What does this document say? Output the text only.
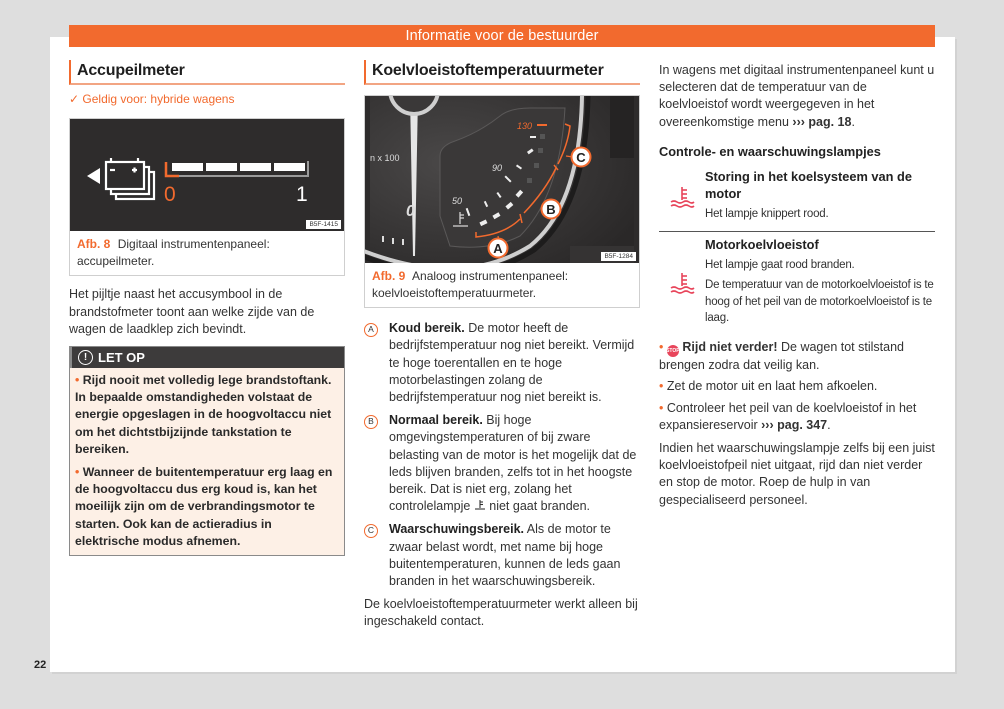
Informatie voor de bestuurder
Accupeilmeter
✓ Geldig voor: hybride wagens
0	1
B5F-1415
Afb. 8 Digitaal instrumentenpaneel: accupeilmeter.

Het pijltje naast het accusymbool in de brandstofmeter toont aan welke zijde van de wagen de laadklep zich bevindt.

! LET OP
• Rijd nooit met volledig lege brandstoftank. In bepaalde omstandigheden volstaat de energie opgeslagen in de hoogvoltaccu niet om het dichtstbijzijnde tankstation te bereiken.
• Wanneer de buitentemperatuur erg laag en de hoogvoltaccu dus erg koud is, kan het moeilijk zijn om de verbrandingsmotor te starten. Ook kan de actieradius in elektrische modus afnemen.
Koelvloeistoftemperatuurmeter
n x 100
0
50
90
130
A
B
C
B5F-1284
Afb. 9 Analoog instrumentenpaneel: koelvloeistoftemperatuurmeter.
A	Koud bereik. De motor heeft de bedrijfstemperatuur nog niet bereikt. Vermijd te hoge toerentallen en te hoge motorbelastingen zolang de bedrijfstemperatuur nog niet bereikt is.
B	Normaal bereik. Bij hoge omgevingstemperaturen of bij zware belasting van de motor is het mogelijk dat de leds blijven branden, zelfs tot in het hoogste bereik. Dat is niet erg, zolang het controlelampje  niet gaat branden.
C	Waarschuwingsbereik. Als de motor te zwaar belast wordt, met name bij hoge buitentemperaturen, kunnen de leds gaan branden in het waarschuwingsbereik.

De koelvloeistoftemperatuurmeter werkt alleen bij ingeschakeld contact.

In wagens met digitaal instrumentenpaneel kunt u selecteren dat de temperatuur van de koelvloeistof wordt weergegeven in het overeenkomstige menu ››› pag. 18.

Controle- en waarschuwingslampjes
Storing in het koelsysteem van de motor
Het lampje knippert rood.
Motorkoelvloeistof
Het lampje gaat rood branden.
De temperatuur van de motorkoelvloeistof is te hoog of het peil van de motorkoelvloeistof is te laag.
• STOP Rijd niet verder! De wagen tot stilstand brengen zodra dat veilig kan.
• Zet de motor uit en laat hem afkoelen.
• Controleer het peil van de koelvloeistof in het expansiereservoir ››› pag. 347.

Indien het waarschuwingslampje zelfs bij een juist koelvloeistofpeil niet uitgaat, rijd dan niet verder en stop de motor. Roep de hulp in van gespecialiseerd personeel.

22
